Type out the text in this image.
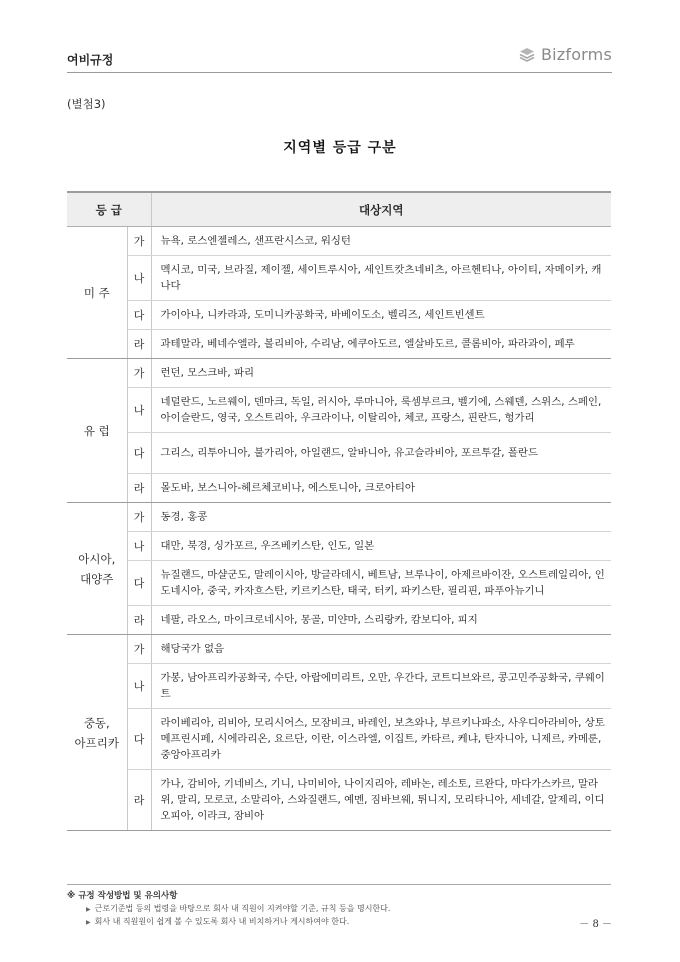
여비규정	Bizforms
(별첨3)
지역별 등급 구분
등 급		대상지역
미 주	가	뉴욕, 로스엔젤레스, 샌프란시스코, 워싱턴
	나	멕시코, 미국, 브라질, 제이젤, 세이트루시아, 세인트캇츠네비츠, 아르헨티나, 아이티, 자메이카, 캐나다
	다	가이아나, 니카라과, 도미니카공화국, 바베이도소, 벨리즈, 세인트빈센트
	라	과테말라, 베네수엘라, 볼리비아, 수리남, 에쿠아도르, 엘살바도르, 콜롬비아, 파라과이, 페루
유 럽	가	런던, 모스크바, 파리
	나	네덜란드, 노르웨이, 덴마크, 독일, 러시아, 루마니아, 룩셈부르크, 벨기에, 스웨덴, 스위스, 스페인, 아이슬란드, 영국, 오스트리아, 우크라이나, 이탈리아, 체코, 프랑스, 핀란드, 헝가리
	다	그리스, 리투아니아, 불가리아, 아일랜드, 알바니아, 유고슬라비아, 포르투갈, 폴란드
	라	몰도바, 보스니아-헤르체코비나, 에스토니아, 크로아티아

아시아,
대양주	가	동경, 홍콩
	나	대만, 북경, 싱가포르, 우즈베키스탄, 인도, 일본
	다	뉴질랜드, 마샬군도, 말레이시아, 방글라데시, 베트남, 브루나이, 아제르바이잔, 오스트레일리아, 인도네시아, 중국, 카자흐스탄, 키르키스탄, 태국, 터키, 파키스탄, 필리핀, 파푸아뉴기니
	라	네팔, 라오스, 마이크로네시아, 몽골, 미얀마, 스리랑카, 캄보디아, 피지

중동,
아프리카	가	해당국가 없음
	나	가봉, 남아프리카공화국, 수단, 아랍에미리트, 오만, 우간다, 코트디브와르, 콩고민주공화국, 쿠웨이트
	다	라이베리아, 리비아, 모리시어스, 모잠비크, 바레인, 보츠와나, 부르키나파소, 사우디아라비아, 상토메프린시페, 시에라리온, 요르단, 이란, 이스라엘, 이집트, 카타르, 케냐, 탄자니아, 니제르, 카메룬, 중앙아프리카
	라	가나, 감비아, 기네비스, 기니, 나미비아, 나이지리아, 레바논, 레소토, 르완다, 마다가스카르, 말라위, 말리, 모로코, 소말리아, 스와질랜드, 예멘, 짐바브웨, 튀니지, 모리타니아, 세네갈, 알제리, 이디오피아, 이라크, 잠비아
※ 규정 작성방법 및 유의사항
▶ 근로기준법 등의 법령을 바탕으로 회사 내 직원이 지켜야할 기준, 규칙 등을 명시한다.
▶ 회사 내 직원원이 쉽게 볼 수 있도록 회사 내 비치하거나 게시하여야 한다.	－ 8 －
